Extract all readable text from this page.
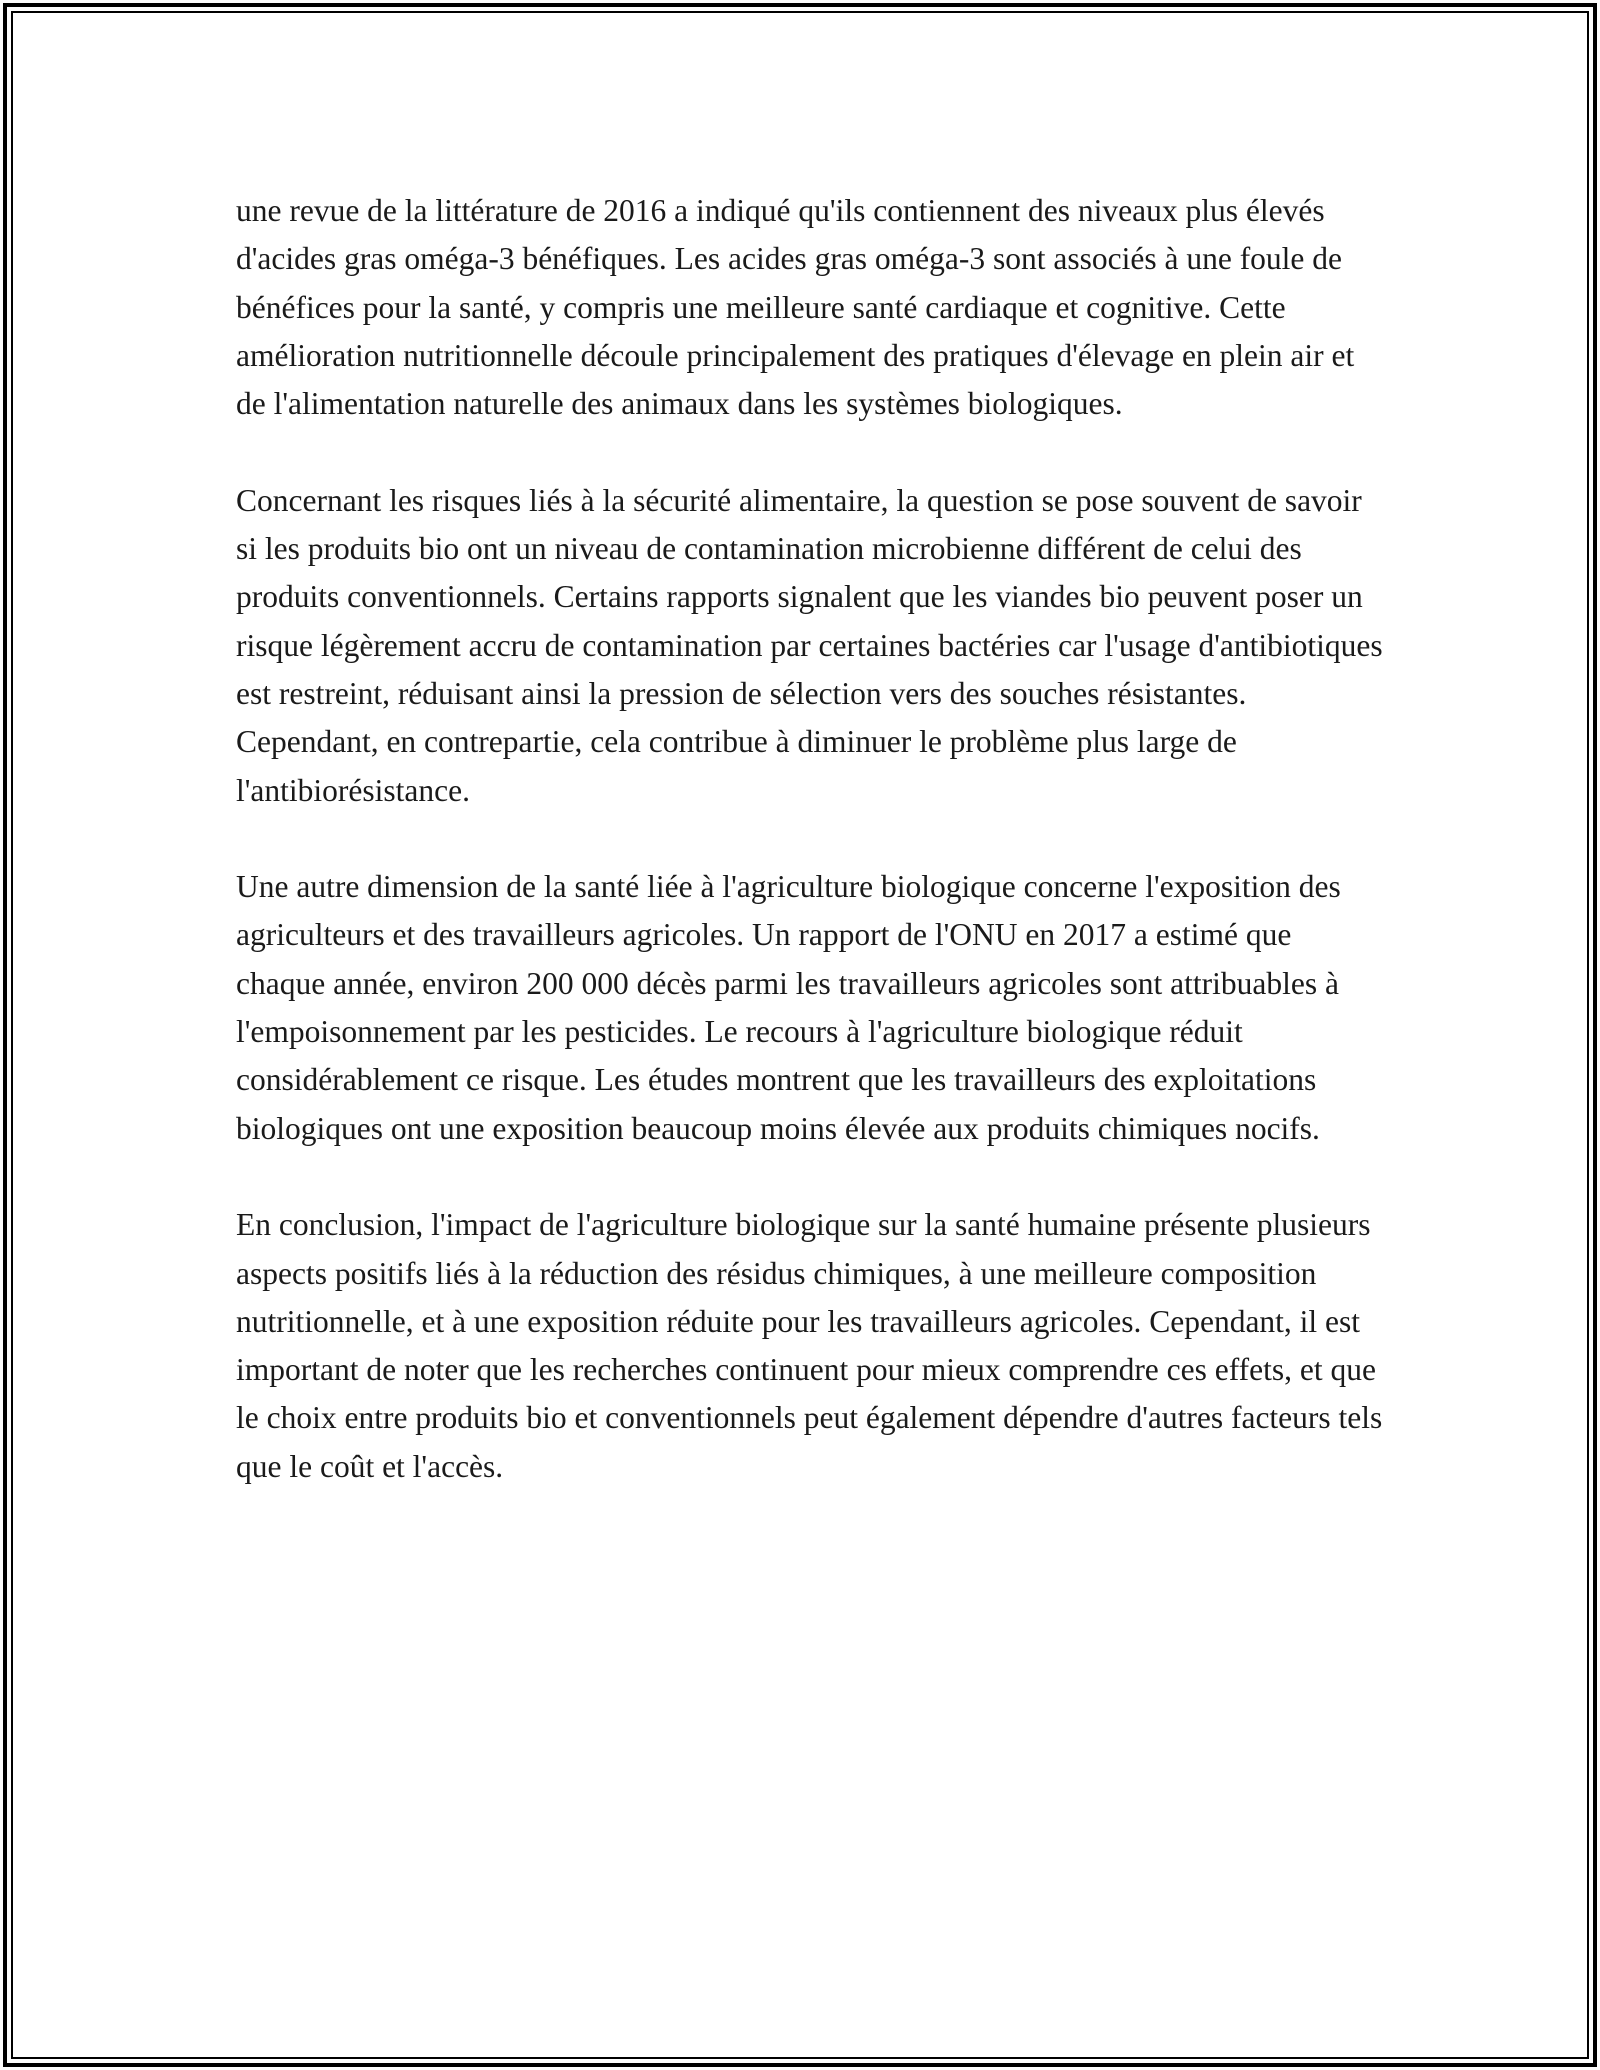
une revue de la littérature de 2016 a indiqué qu'ils contiennent des niveaux plus élevés d'acides gras oméga-3 bénéfiques. Les acides gras oméga-3 sont associés à une foule de bénéfices pour la santé, y compris une meilleure santé cardiaque et cognitive. Cette amélioration nutritionnelle découle principalement des pratiques d'élevage en plein air et de l'alimentation naturelle des animaux dans les systèmes biologiques.

Concernant les risques liés à la sécurité alimentaire, la question se pose souvent de savoir si les produits bio ont un niveau de contamination microbienne différent de celui des produits conventionnels. Certains rapports signalent que les viandes bio peuvent poser un risque légèrement accru de contamination par certaines bactéries car l'usage d'antibiotiques est restreint, réduisant ainsi la pression de sélection vers des souches résistantes. Cependant, en contrepartie, cela contribue à diminuer le problème plus large de l'antibiorésistance.

Une autre dimension de la santé liée à l'agriculture biologique concerne l'exposition des agriculteurs et des travailleurs agricoles. Un rapport de l'ONU en 2017 a estimé que chaque année, environ 200 000 décès parmi les travailleurs agricoles sont attribuables à l'empoisonnement par les pesticides. Le recours à l'agriculture biologique réduit considérablement ce risque. Les études montrent que les travailleurs des exploitations biologiques ont une exposition beaucoup moins élevée aux produits chimiques nocifs.

En conclusion, l'impact de l'agriculture biologique sur la santé humaine présente plusieurs aspects positifs liés à la réduction des résidus chimiques, à une meilleure composition nutritionnelle, et à une exposition réduite pour les travailleurs agricoles. Cependant, il est important de noter que les recherches continuent pour mieux comprendre ces effets, et que le choix entre produits bio et conventionnels peut également dépendre d'autres facteurs tels que le coût et l'accès.
